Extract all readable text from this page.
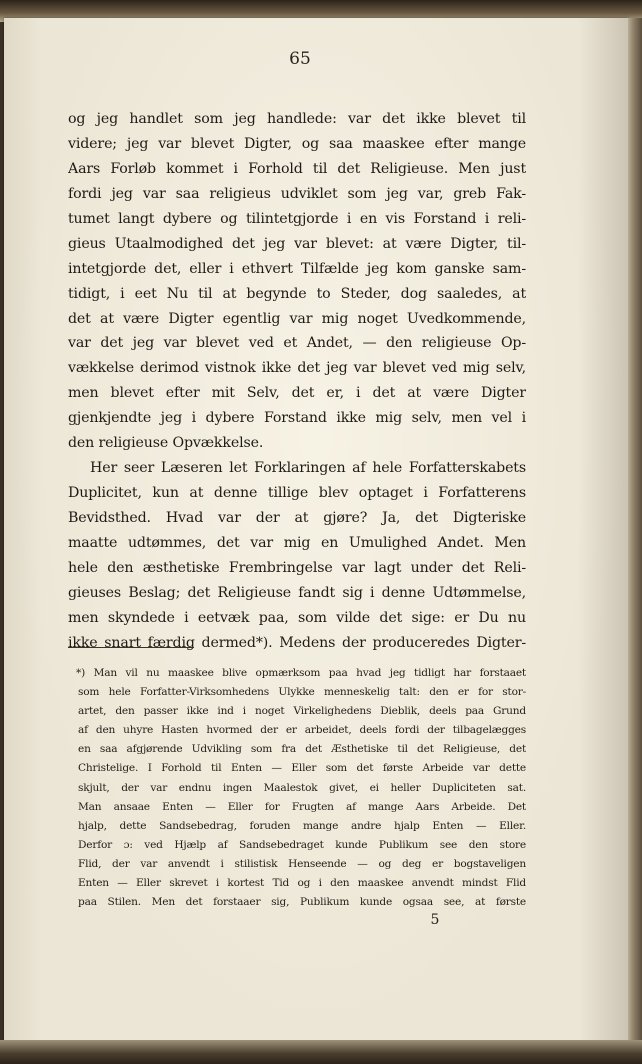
65
og jeg handlet som jeg handlede: var det ikke blevet til
videre; jeg var blevet Digter, og saa maaskee efter mange
Aars Forløb kommet i Forhold til det Religieuse. Men just
fordi jeg var saa religieus udviklet som jeg var, greb Fak-
tumet langt dybere og tilintetgjorde i en vis Forstand i reli-
gieus Utaalmodighed det jeg var blevet: at være Digter, til-
intetgjorde det, eller i ethvert Tilfælde jeg kom ganske sam-
tidigt, i eet Nu til at begynde to Steder, dog saaledes, at
det at være Digter egentlig var mig noget Uvedkommende,
var det jeg var blevet ved et Andet, — den religieuse Op-
vækkelse derimod vistnok ikke det jeg var blevet ved mig selv,
men blevet efter mit Selv, det er, i det at være Digter
gjenkjendte jeg i dybere Forstand ikke mig selv, men vel i
den religieuse Opvækkelse.
Her seer Læseren let Forklaringen af hele Forfatterskabets
Duplicitet, kun at denne tillige blev optaget i Forfatterens
Bevidsthed. Hvad var der at gjøre? Ja, det Digteriske
maatte udtømmes, det var mig en Umulighed Andet. Men
hele den æsthetiske Frembringelse var lagt under det Reli-
gieuses Beslag; det Religieuse fandt sig i denne Udtømmelse,
men skyndede i eetvæk paa, som vilde det sige: er Du nu
ikke snart færdig dermed*). Medens der produceredes Digter-
*) Man vil nu maaskee blive opmærksom paa hvad jeg tidligt har forstaaet
som hele Forfatter-Virksomhedens Ulykke menneskelig talt: den er for stor-
artet, den passer ikke ind i noget Virkelighedens Dieblik, deels paa Grund
af den uhyre Hasten hvormed der er arbeidet, deels fordi der tilbagelægges
en saa afgjørende Udvikling som fra det Æsthetiske til det Religieuse, det
Christelige. I Forhold til Enten — Eller som det første Arbeide var dette
skjult, der var endnu ingen Maalestok givet, ei heller Dupliciteten sat.
Man ansaae Enten — Eller for Frugten af mange Aars Arbeide. Det
hjalp, dette Sandsebedrag, foruden mange andre hjalp Enten — Eller.
Derfor ɔ: ved Hjælp af Sandsebedraget kunde Publikum see den store
Flid, der var anvendt i stilistisk Henseende — og deg er bogstaveligen
Enten — Eller skrevet i kortest Tid og i den maaskee anvendt mindst Flid
paa Stilen. Men det forstaaer sig, Publikum kunde ogsaa see, at første
5
